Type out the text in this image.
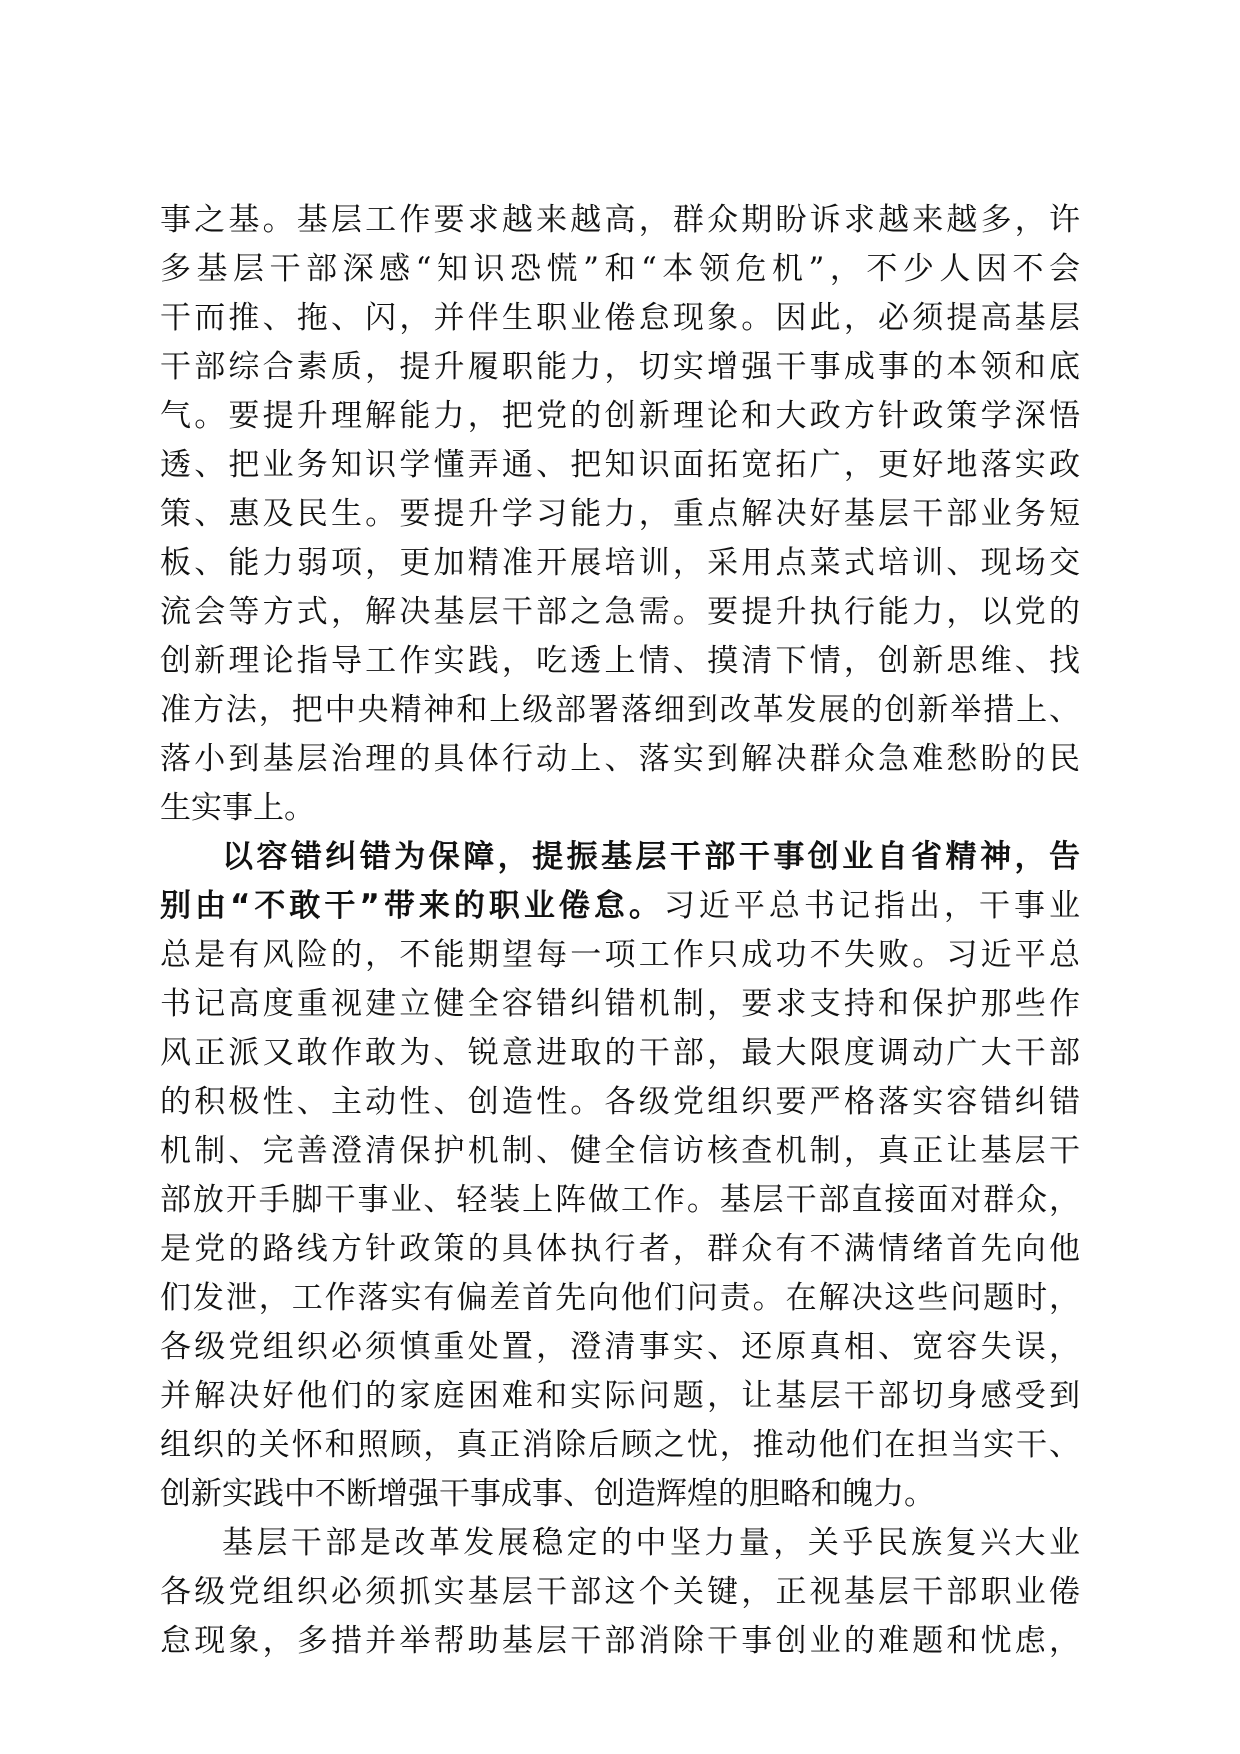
事之基。基层工作要求越来越高，群众期盼诉求越来越多，许
多基层干部深感“知识恐慌”和“本领危机”，不少人因不会
干而推、拖、闪，并伴生职业倦怠现象。因此，必须提高基层
干部综合素质，提升履职能力，切实增强干事成事的本领和底
气。要提升理解能力，把党的创新理论和大政方针政策学深悟
透、把业务知识学懂弄通、把知识面拓宽拓广，更好地落实政
策、惠及民生。要提升学习能力，重点解决好基层干部业务短
板、能力弱项，更加精准开展培训，采用点菜式培训、现场交
流会等方式，解决基层干部之急需。要提升执行能力，以党的
创新理论指导工作实践，吃透上情、摸清下情，创新思维、找
准方法，把中央精神和上级部署落细到改革发展的创新举措上、
落小到基层治理的具体行动上、落实到解决群众急难愁盼的民
生实事上。
以容错纠错为保障，提振基层干部干事创业自省精神，告
别由“不敢干”带来的职业倦怠。习近平总书记指出，干事业
总是有风险的，不能期望每一项工作只成功不失败。习近平总
书记高度重视建立健全容错纠错机制，要求支持和保护那些作
风正派又敢作敢为、锐意进取的干部，最大限度调动广大干部
的积极性、主动性、创造性。各级党组织要严格落实容错纠错
机制、完善澄清保护机制、健全信访核查机制，真正让基层干
部放开手脚干事业、轻装上阵做工作。基层干部直接面对群众，
是党的路线方针政策的具体执行者，群众有不满情绪首先向他
们发泄，工作落实有偏差首先向他们问责。在解决这些问题时，
各级党组织必须慎重处置，澄清事实、还原真相、宽容失误，
并解决好他们的家庭困难和实际问题，让基层干部切身感受到
组织的关怀和照顾，真正消除后顾之忧，推动他们在担当实干、
创新实践中不断增强干事成事、创造辉煌的胆略和魄力。
基层干部是改革发展稳定的中坚力量，关乎民族复兴大业
各级党组织必须抓实基层干部这个关键，正视基层干部职业倦
怠现象，多措并举帮助基层干部消除干事创业的难题和忧虑，
